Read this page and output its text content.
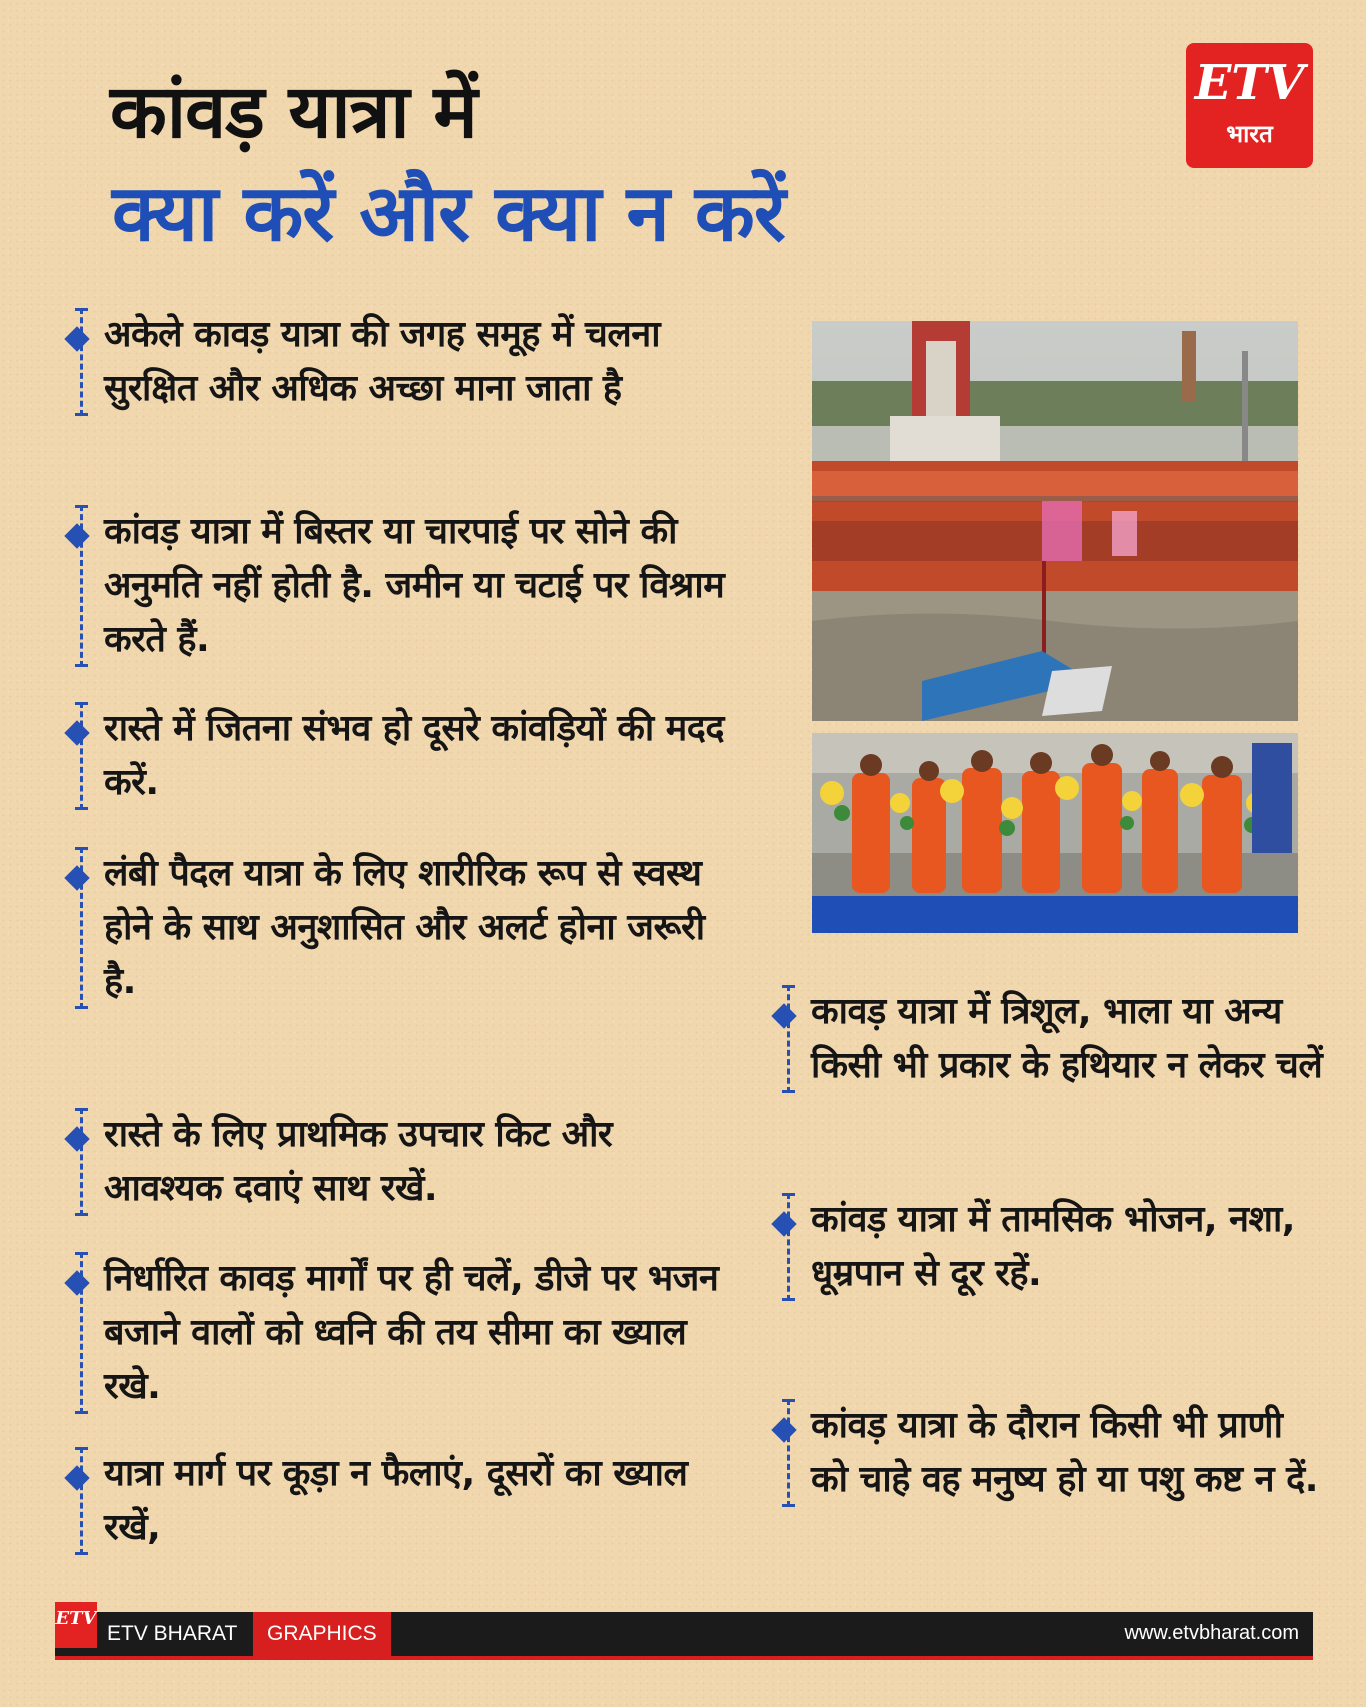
कांवड़ यात्रा में
क्या करें और क्या न करें
ETV
भारत
अकेले कावड़ यात्रा की जगह समूह में चलना सुरक्षित और अधिक अच्छा माना जाता है
कांवड़ यात्रा में बिस्तर या चारपाई पर सोने की अनुमति नहीं होती है. जमीन या चटाई पर विश्राम करते हैं.
रास्ते में जितना संभव हो दूसरे कांवड़ियों की मदद करें.
लंबी पैदल यात्रा के लिए शारीरिक रूप से स्वस्थ होने के साथ अनुशासित और अलर्ट होना जरूरी है.
रास्ते के लिए प्राथमिक उपचार किट और आवश्यक दवाएं साथ रखें.
निर्धारित कावड़ मार्गों पर ही चलें, डीजे पर भजन बजाने वालों को ध्वनि की तय सीमा का ख्याल रखे.
यात्रा मार्ग पर कूड़ा न फैलाएं, दूसरों का ख्याल रखें,
कावड़ यात्रा में त्रिशूल, भाला या अन्य किसी भी प्रकार के हथियार न लेकर चलें
कांवड़ यात्रा में तामसिक भोजन, नशा, धूम्रपान से दूर रहें.
कांवड़ यात्रा के दौरान किसी भी प्राणी को चाहे वह मनुष्य हो या पशु कष्ट न दें.
ETV
ETV BHARAT	GRAPHICS	www.etvbharat.com
